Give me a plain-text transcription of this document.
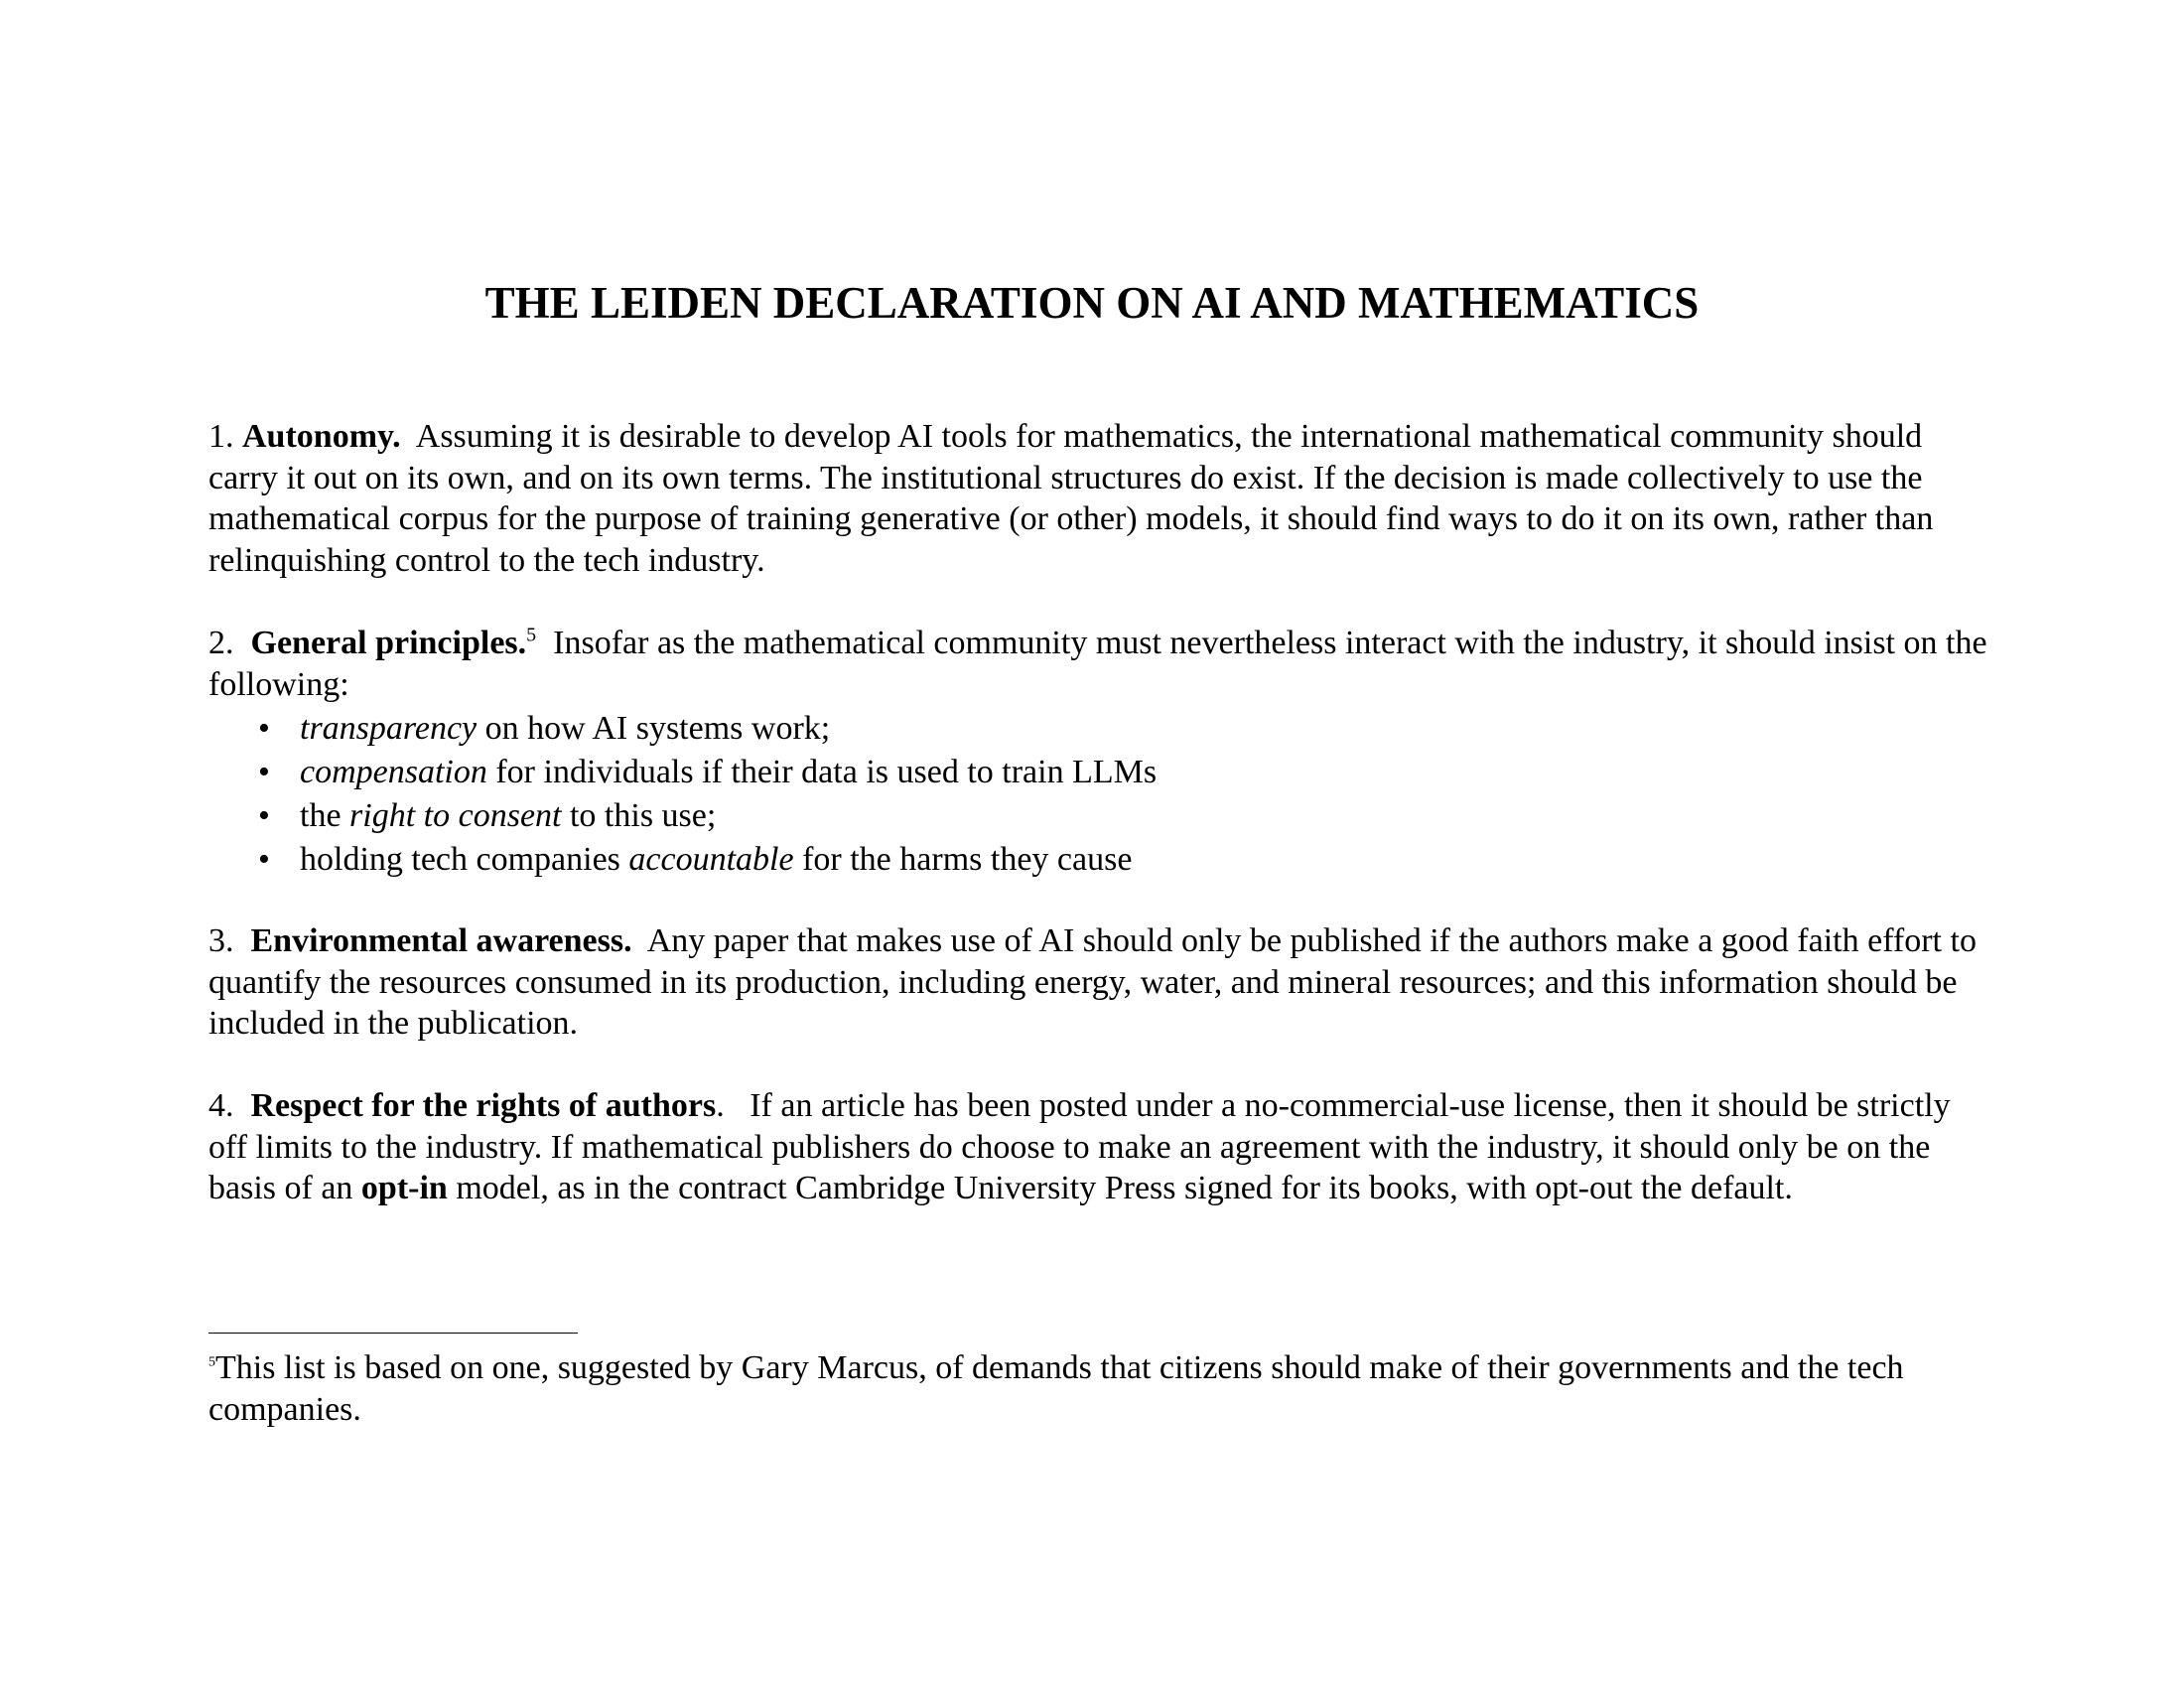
THE LEIDEN DECLARATION ON AI AND MATHEMATICS

1. Autonomy. Assuming it is desirable to develop AI tools for mathematics, the international mathematical community should carry it out on its own, and on its own terms. The institutional structures do exist. If the decision is made collectively to use the mathematical corpus for the purpose of training generative (or other) models, it should find ways to do it on its own, rather than relinquishing control to the tech industry.

2. General principles.$^5$ Insofar as the mathematical community must nevertheless interact with the industry, it should insist on the following:
• transparency on how AI systems work;
• compensation for individuals if their data is used to train LLMs
• the right to consent to this use;
• holding tech companies accountable for the harms they cause

3. Environmental awareness. Any paper that makes use of AI should only be published if the authors make a good faith effort to quantify the resources consumed in its production, including energy, water, and mineral resources; and this information should be included in the publication.

4. Respect for the rights of authors. If an article has been posted under a no-commercial-use license, then it should be strictly off limits to the industry. If mathematical publishers do choose to make an agreement with the industry, it should only be on the basis of an opt-in model, as in the contract Cambridge University Press signed for its books, with opt-out the default.

$^5$This list is based on one, suggested by Gary Marcus, of demands that citizens should make of their governments and the tech companies.
